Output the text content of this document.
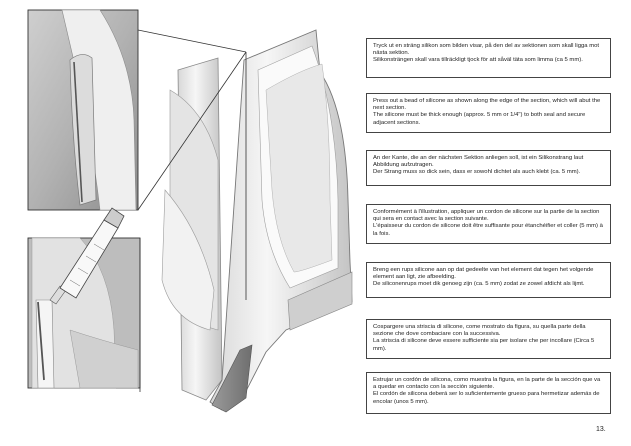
Tryck ut en sträng silikon som bilden visar, på den del av sektionen som skall ligga mot nästa sektion.
Silikonsträngen skall vara tillräckligt tjock för att såväl täta som limma (ca 5 mm).
Press out a bead of silicone as shown along the edge of the section, which will abut the next section.
The silicone must be thick enough (approx. 5 mm or 1/4") to both seal and secure adjacent sections.
An der Kante, die an der nächsten Sektion anliegen soll, ist ein Silikonstrang laut Abbildung aufzutragen.
Der Strang muss so dick sein, dass er sowohl dichtet als auch klebt (ca. 5 mm).
Conformément à l'illustration, appliquer un cordon de silicone sur la partie de la section qui sera en contact avec la section suivante.
L'épaisseur du cordon de silicone doit être suffisante pour étanchéifier et coller (5 mm) à la fois.
Breng een rups silicone aan op dat gedeelte van het element dat tegen het volgende element aan ligt, zie afbeelding.
De siliconenrups moet dik genoeg zijn (ca. 5 mm) zodat ze zowel afdicht als lijmt.
Cospargere una striscia di silicone, come mostrato da figura, su quella parte della sezione che dove combaciare con la successiva.
La striscia di silicone deve essere sufficiente sia per isolare che per incollare (Circa 5 mm).
Estrujar un cordón de silicona, como muestra la figura, en la parte de la sección que va a quedar en contacto con la sección siguiente.
El cordón de silicona deberá ser lo suficientemente grueso para hermetizar además de encolar (unos 5 mm).
13.
